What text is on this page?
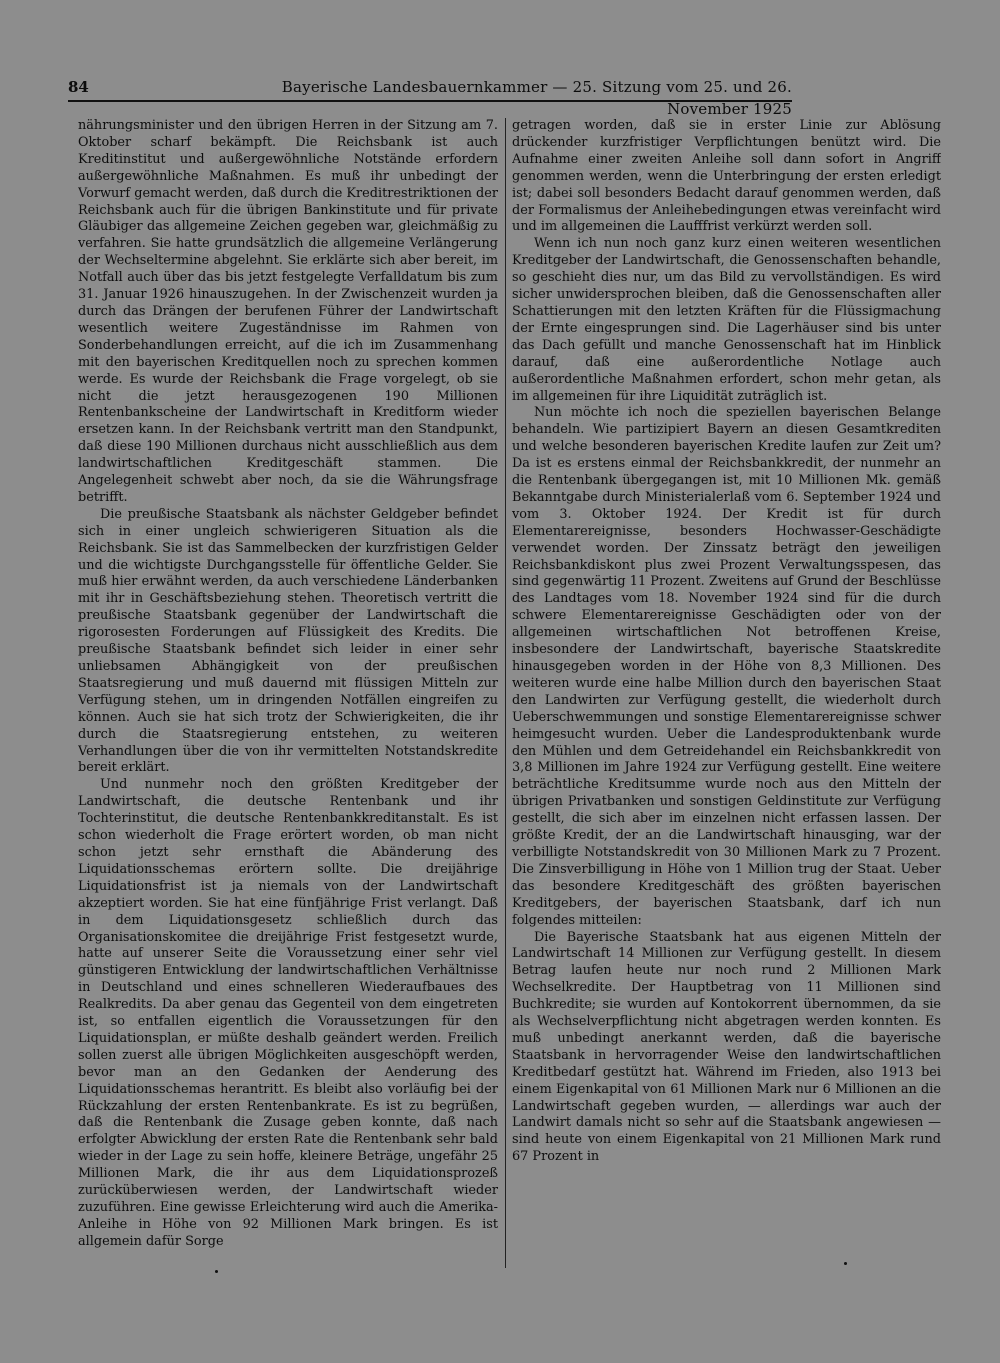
84	Bayerische Landesbauernkammer — 25. Sitzung vom 25. und 26. November 1925

nährungsminister und den übrigen Herren in der Sitzung am 7. Oktober scharf bekämpft. Die Reichsbank ist auch Kreditinstitut und außergewöhnliche Notstände erfordern außergewöhnliche Maßnahmen. Es muß ihr unbedingt der Vorwurf gemacht werden, daß durch die Kreditrestriktionen der Reichsbank auch für die übrigen Bankinstitute und für private Gläubiger das allgemeine Zeichen gegeben war, gleichmäßig zu verfahren. Sie hatte grundsätzlich die allgemeine Verlängerung der Wechseltermine abgelehnt. Sie erklärte sich aber bereit, im Notfall auch über das bis jetzt festgelegte Verfalldatum bis zum 31. Januar 1926 hinauszugehen. In der Zwischenzeit wurden ja durch das Drängen der berufenen Führer der Landwirtschaft wesentlich weitere Zugeständnisse im Rahmen von Sonderbehandlungen erreicht, auf die ich im Zusammenhang mit den bayerischen Kreditquellen noch zu sprechen kommen werde. Es wurde der Reichsbank die Frage vorgelegt, ob sie nicht die jetzt herausgezogenen 190 Millionen Rentenbankscheine der Landwirtschaft in Kreditform wieder ersetzen kann. In der Reichsbank vertritt man den Standpunkt, daß diese 190 Millionen durchaus nicht ausschließlich aus dem landwirtschaftlichen Kreditgeschäft stammen. Die Angelegenheit schwebt aber noch, da sie die Währungsfrage betrifft.

Die preußische Staatsbank als nächster Geldgeber befindet sich in einer ungleich schwierigeren Situation als die Reichsbank. Sie ist das Sammelbecken der kurzfristigen Gelder und die wichtigste Durchgangsstelle für öffentliche Gelder. Sie muß hier erwähnt werden, da auch verschiedene Länderbanken mit ihr in Geschäftsbeziehung stehen. Theoretisch vertritt die preußische Staatsbank gegenüber der Landwirtschaft die rigorosesten Forderungen auf Flüssigkeit des Kredits. Die preußische Staatsbank befindet sich leider in einer sehr unliebsamen Abhängigkeit von der preußischen Staatsregierung und muß dauernd mit flüssigen Mitteln zur Verfügung stehen, um in dringenden Notfällen eingreifen zu können. Auch sie hat sich trotz der Schwierigkeiten, die ihr durch die Staatsregierung entstehen, zu weiteren Verhandlungen über die von ihr vermittelten Notstandskredite bereit erklärt.

Und nunmehr noch den größten Kreditgeber der Landwirtschaft, die deutsche Rentenbank und ihr Tochterinstitut, die deutsche Rentenbankkreditanstalt. Es ist schon wiederholt die Frage erörtert worden, ob man nicht schon jetzt sehr ernsthaft die Abänderung des Liquidationsschemas erörtern sollte. Die dreijährige Liquidationsfrist ist ja niemals von der Landwirtschaft akzeptiert worden. Sie hat eine fünfjährige Frist verlangt. Daß in dem Liquidationsgesetz schließlich durch das Organisationskomitee die dreijährige Frist festgesetzt wurde, hatte auf unserer Seite die Voraussetzung einer sehr viel günstigeren Entwicklung der landwirtschaftlichen Verhältnisse in Deutschland und eines schnelleren Wiederaufbaues des Realkredits. Da aber genau das Gegenteil von dem eingetreten ist, so entfallen eigentlich die Voraussetzungen für den Liquidationsplan, er müßte deshalb geändert werden. Freilich sollen zuerst alle übrigen Möglichkeiten ausgeschöpft werden, bevor man an den Gedanken der Aenderung des Liquidationsschemas herantritt. Es bleibt also vorläufig bei der Rückzahlung der ersten Rentenbankrate. Es ist zu begrüßen, daß die Rentenbank die Zusage geben konnte, daß nach erfolgter Abwicklung der ersten Rate die Rentenbank sehr bald wieder in der Lage zu sein hoffe, kleinere Beträge, ungefähr 25 Millionen Mark, die ihr aus dem Liquidationsprozeß zurücküberwiesen werden, der Landwirtschaft wieder zuzuführen. Eine gewisse Erleichterung wird auch die Amerika-Anleihe in Höhe von 92 Millionen Mark bringen. Es ist allgemein dafür Sorge

getragen worden, daß sie in erster Linie zur Ablösung drückender kurzfristiger Verpflichtungen benützt wird. Die Aufnahme einer zweiten Anleihe soll dann sofort in Angriff genommen werden, wenn die Unterbringung der ersten erledigt ist; dabei soll besonders Bedacht darauf genommen werden, daß der Formalismus der Anleihebedingungen etwas vereinfacht wird und im allgemeinen die Laufffrist verkürzt werden soll.

Wenn ich nun noch ganz kurz einen weiteren wesentlichen Kreditgeber der Landwirtschaft, die Genossenschaften behandle, so geschieht dies nur, um das Bild zu vervollständigen. Es wird sicher unwidersprochen bleiben, daß die Genossenschaften aller Schattierungen mit den letzten Kräften für die Flüssigmachung der Ernte eingesprungen sind. Die Lagerhäuser sind bis unter das Dach gefüllt und manche Genossenschaft hat im Hinblick darauf, daß eine außerordentliche Notlage auch außerordentliche Maßnahmen erfordert, schon mehr getan, als im allgemeinen für ihre Liquidität zuträglich ist.

Nun möchte ich noch die speziellen bayerischen Belange behandeln. Wie partizipiert Bayern an diesen Gesamtkrediten und welche besonderen bayerischen Kredite laufen zur Zeit um? Da ist es erstens einmal der Reichsbankkredit, der nunmehr an die Rentenbank übergegangen ist, mit 10 Millionen Mk. gemäß Bekanntgabe durch Ministerialerlaß vom 6. September 1924 und vom 3. Oktober 1924. Der Kredit ist für durch Elementarereignisse, besonders Hochwasser-Geschädigte verwendet worden. Der Zinssatz beträgt den jeweiligen Reichsbankdiskont plus zwei Prozent Verwaltungsspesen, das sind gegenwärtig 11 Prozent. Zweitens auf Grund der Beschlüsse des Landtages vom 18. November 1924 sind für die durch schwere Elementarereignisse Geschädigten oder von der allgemeinen wirtschaftlichen Not betroffenen Kreise, insbesondere der Landwirtschaft, bayerische Staatskredite hinausgegeben worden in der Höhe von 8,3 Millionen. Des weiteren wurde eine halbe Million durch den bayerischen Staat den Landwirten zur Verfügung gestellt, die wiederholt durch Ueberschwemmungen und sonstige Elementarereignisse schwer heimgesucht wurden. Ueber die Landesproduktenbank wurde den Mühlen und dem Getreidehandel ein Reichsbankkredit von 3,8 Millionen im Jahre 1924 zur Verfügung gestellt. Eine weitere beträchtliche Kreditsumme wurde noch aus den Mitteln der übrigen Privatbanken und sonstigen Geldinstitute zur Verfügung gestellt, die sich aber im einzelnen nicht erfassen lassen. Der größte Kredit, der an die Landwirtschaft hinausging, war der verbilligte Notstandskredit von 30 Millionen Mark zu 7 Prozent. Die Zinsverbilligung in Höhe von 1 Million trug der Staat. Ueber das besondere Kreditgeschäft des größten bayerischen Kreditgebers, der bayerischen Staatsbank, darf ich nun folgendes mitteilen:

Die Bayerische Staatsbank hat aus eigenen Mitteln der Landwirtschaft 14 Millionen zur Verfügung gestellt. In diesem Betrag laufen heute nur noch rund 2 Millionen Mark Wechselkredite. Der Hauptbetrag von 11 Millionen sind Buchkredite; sie wurden auf Kontokorrent übernommen, da sie als Wechselverpflichtung nicht abgetragen werden konnten. Es muß unbedingt anerkannt werden, daß die bayerische Staatsbank in hervorragender Weise den landwirtschaftlichen Kreditbedarf gestützt hat. Während im Frieden, also 1913 bei einem Eigenkapital von 61 Millionen Mark nur 6 Millionen an die Landwirtschaft gegeben wurden, — allerdings war auch der Landwirt damals nicht so sehr auf die Staatsbank angewiesen — sind heute von einem Eigenkapital von 21 Millionen Mark rund 67 Prozent in
